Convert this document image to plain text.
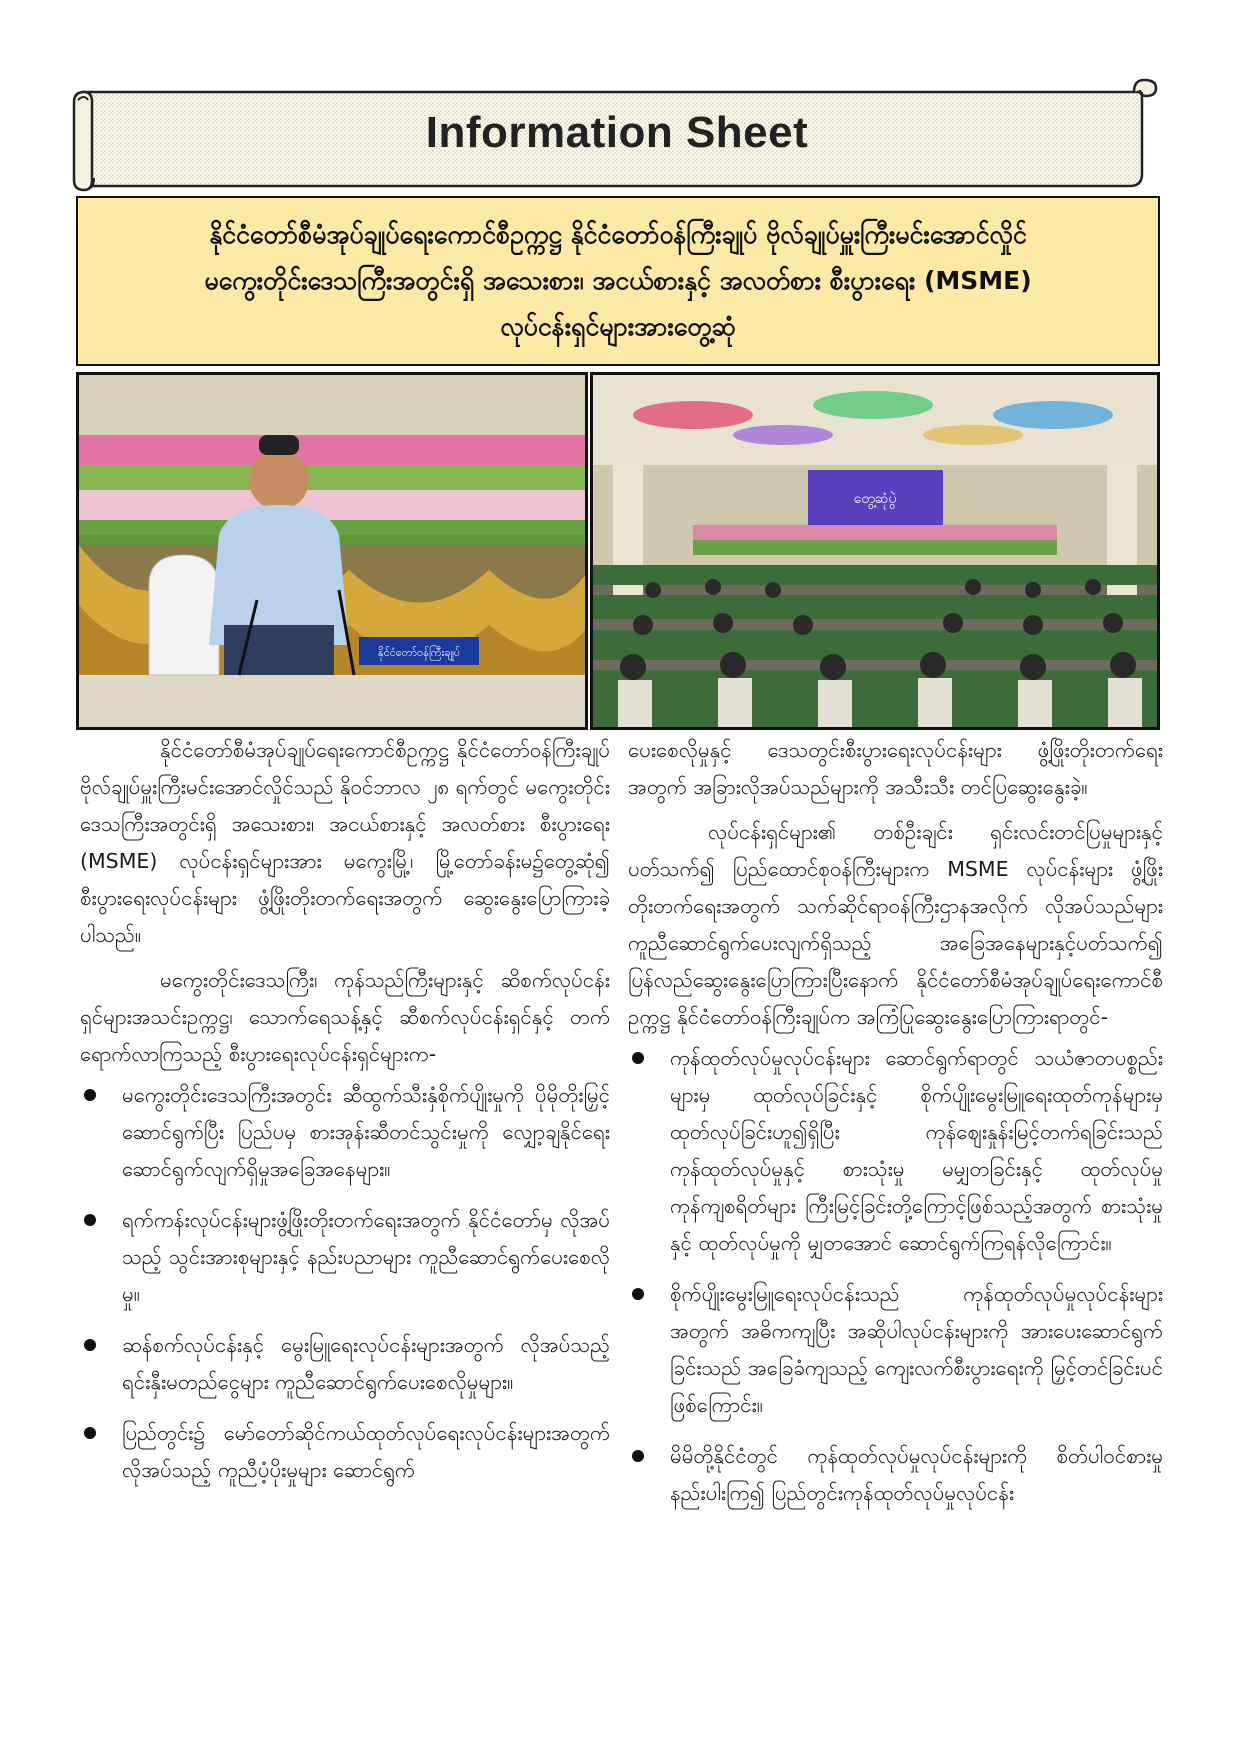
Information Sheet
နိုင်ငံတော်စီမံအုပ်ချုပ်ရေးကောင်စီဥက္ကဋ္ဌ နိုင်ငံတော်ဝန်ကြီးချုပ် ဗိုလ်ချုပ်မှူးကြီးမင်းအောင်လှိုင်
မကွေးတိုင်းဒေသကြီးအတွင်းရှိ အသေးစား၊ အငယ်စားနှင့် အလတ်စား စီးပွားရေး (MSME)
လုပ်ငန်းရှင်များအားတွေ့ဆုံ
နိုင်ငံတော်ဝန်ကြီးချုပ်
တွေ့ဆုံပွဲ

နိုင်ငံတော်စီမံအုပ်ချုပ်ရေးကောင်စီဥက္ကဋ္ဌ နိုင်ငံတော်ဝန်ကြီးချုပ် ဗိုလ်ချုပ်မှူးကြီးမင်းအောင်လှိုင်သည် နိုဝင်ဘာလ ၂၈ ရက်တွင် မကွေးတိုင်းဒေသကြီးအတွင်းရှိ အသေးစား၊ အငယ်စားနှင့် အလတ်စား စီးပွားရေး (MSME) လုပ်ငန်းရှင်များအား မကွေးမြို့၊ မြို့တော်ခန်းမ၌တွေ့ဆုံ၍ စီးပွားရေးလုပ်ငန်းများ ဖွံ့ဖြိုးတိုးတက်ရေးအတွက် ဆွေးနွေးပြောကြားခဲ့ပါသည်။

မကွေးတိုင်းဒေသကြီး၊ ကုန်သည်ကြီးများနှင့် ဆိစက်လုပ်ငန်းရှင်များအသင်းဥက္ကဋ္ဌ၊ သောက်ရေသန့်နှင့် ဆီစက်လုပ်ငန်းရှင်နှင့် တက်ရောက်လာကြသည့် စီးပွားရေးလုပ်ငန်းရှင်များက-

မကွေးတိုင်းဒေသကြီးအတွင်း ဆီထွက်သီးနှံစိုက်ပျိုးမှုကို ပိုမိုတိုးမြှင့်ဆောင်ရွက်ပြီး ပြည်ပမှ စားအုန်းဆီတင်သွင်းမှုကို လျှော့ချနိုင်ရေး ဆောင်ရွက်လျက်ရှိမှုအခြေအနေများ။
ရက်ကန်းလုပ်ငန်းများဖွံ့ဖြိုးတိုးတက်ရေးအတွက် နိုင်ငံတော်မှ လိုအပ်သည့် သွင်းအားစုများနှင့် နည်းပညာများ ကူညီဆောင်ရွက်ပေးစေလိုမှု။
ဆန်စက်လုပ်ငန်းနှင့် မွေးမြူရေးလုပ်ငန်းများအတွက် လိုအပ်သည့် ရင်းနှီးမတည်ငွေများ ကူညီဆောင်ရွက်ပေးစေလိုမှုများ။
ပြည်တွင်း၌ မော်တော်ဆိုင်ကယ်ထုတ်လုပ်ရေးလုပ်ငန်းများအတွက် လိုအပ်သည့် ကူညီပံ့ပိုးမှုများ ဆောင်ရွက်

ပေးစေလိုမှုနှင့် ဒေသတွင်းစီးပွားရေးလုပ်ငန်းများ ဖွံ့ဖြိုးတိုးတက်ရေးအတွက် အခြားလိုအပ်သည်များကို အသီးသီး တင်ပြဆွေးနွေးခဲ့။

လုပ်ငန်းရှင်များ၏ တစ်ဦးချင်း ရှင်းလင်းတင်ပြမှုများနှင့်ပတ်သက်၍ ပြည်ထောင်စုဝန်ကြီးများက MSME လုပ်ငန်းများ ဖွံ့ဖြိုးတိုးတက်ရေးအတွက် သက်ဆိုင်ရာဝန်ကြီးဌာနအလိုက် လိုအပ်သည်များ ကူညီဆောင်ရွက်ပေးလျက်ရှိသည့် အခြေအနေများနှင့်ပတ်သက်၍ ပြန်လည်ဆွေးနွေးပြောကြားပြီးနောက် နိုင်ငံတော်စီမံအုပ်ချုပ်ရေးကောင်စီဥက္ကဋ္ဌ နိုင်ငံတော်ဝန်ကြီးချုပ်က အကြံပြုဆွေးနွေးပြောကြားရာတွင်-

ကုန်ထုတ်လုပ်မှုလုပ်ငန်းများ ဆောင်ရွက်ရာတွင် သယံဇာတပစ္စည်းများမှ ထုတ်လုပ်ခြင်းနှင့် စိုက်ပျိုးမွေးမြူရေးထုတ်ကုန်များမှ ထုတ်လုပ်ခြင်းဟူ၍ရှိပြီး ကုန်ဈေးနှုန်းမြင့်တက်ရခြင်းသည် ကုန်ထုတ်လုပ်မှုနှင့် စားသုံးမှု မမျှတခြင်းနှင့် ထုတ်လုပ်မှုကုန်ကျစရိတ်များ ကြီးမြင့်ခြင်းတို့ကြောင့်ဖြစ်သည့်အတွက် စားသုံးမှုနှင့် ထုတ်လုပ်မှုကို မျှတအောင် ဆောင်ရွက်ကြရန်လိုကြောင်း။
စိုက်ပျိုးမွေးမြူရေးလုပ်ငန်းသည် ကုန်ထုတ်လုပ်မှုလုပ်ငန်းများအတွက် အဓိကကျပြီး အဆိုပါလုပ်ငန်းများကို အားပေးဆောင်ရွက်ခြင်းသည် အခြေခံကျသည့် ကျေးလက်စီးပွားရေးကို မြှင့်တင်ခြင်းပင်ဖြစ်ကြောင်း။
မိမိတို့နိုင်ငံတွင် ကုန်ထုတ်လုပ်မှုလုပ်ငန်းများကို စိတ်ပါဝင်စားမှုနည်းပါးကြ၍ ပြည်တွင်းကုန်ထုတ်လုပ်မှုလုပ်ငန်း
